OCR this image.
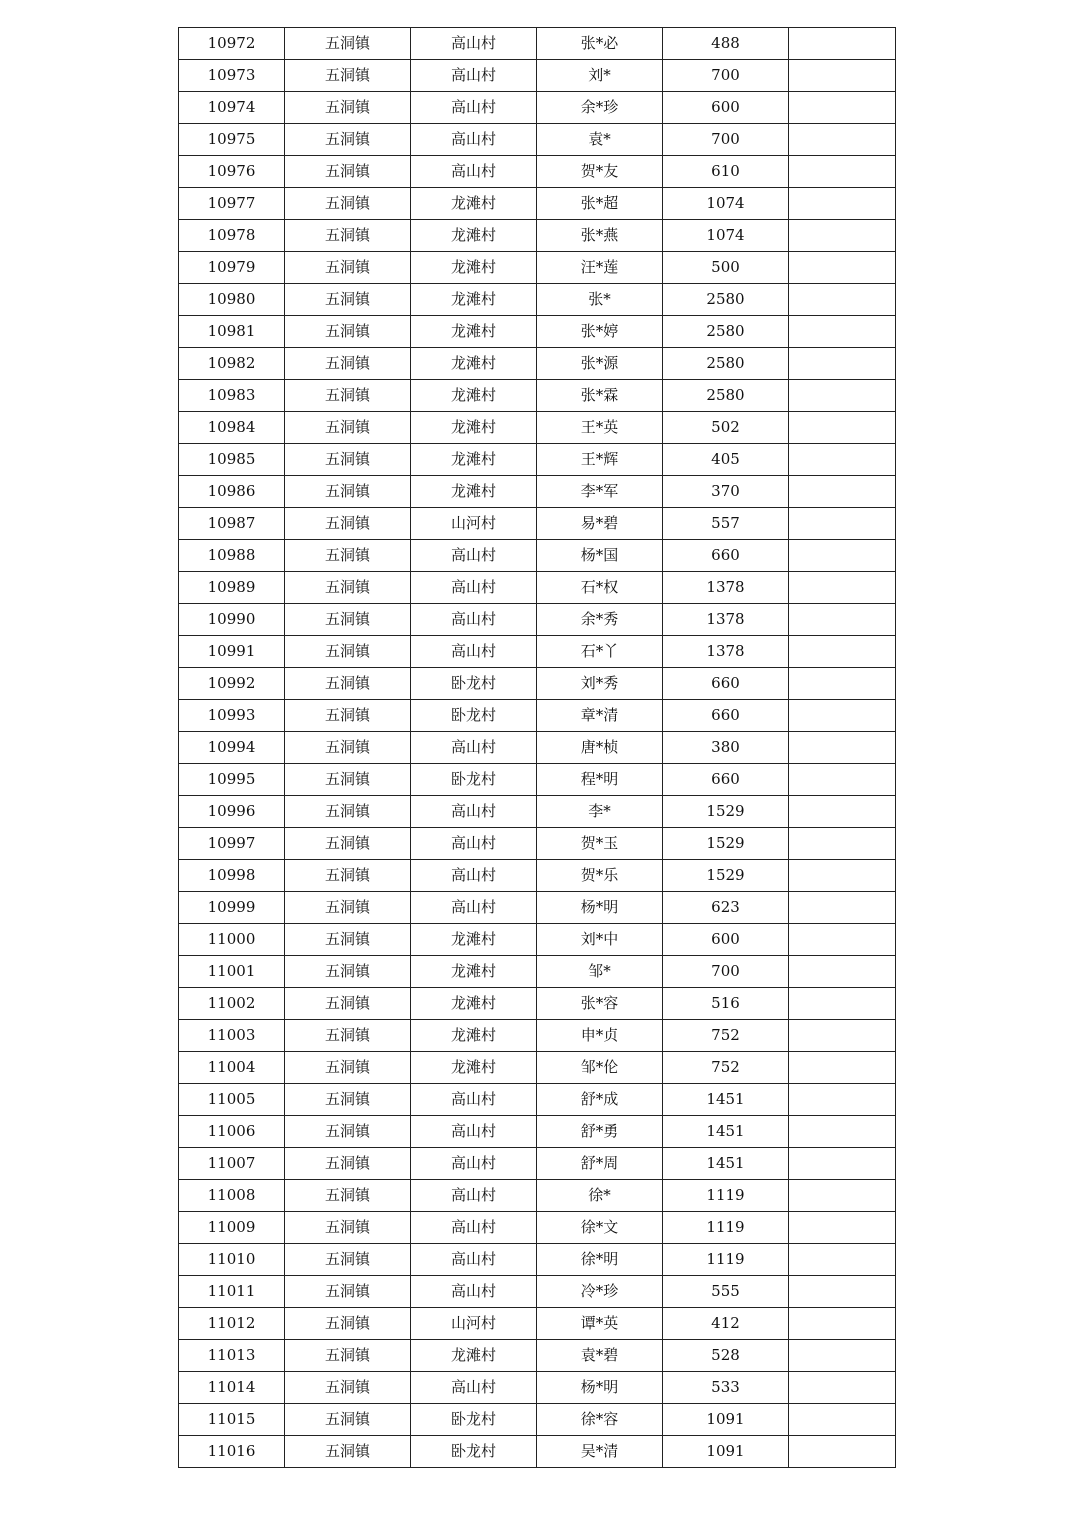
10972	五洞镇	高山村	张*必	488	
10973	五洞镇	高山村	刘*	700	
10974	五洞镇	高山村	余*珍	600	
10975	五洞镇	高山村	袁*	700	
10976	五洞镇	高山村	贺*友	610	
10977	五洞镇	龙滩村	张*超	1074	
10978	五洞镇	龙滩村	张*燕	1074	
10979	五洞镇	龙滩村	汪*莲	500	
10980	五洞镇	龙滩村	张*	2580	
10981	五洞镇	龙滩村	张*婷	2580	
10982	五洞镇	龙滩村	张*源	2580	
10983	五洞镇	龙滩村	张*霖	2580	
10984	五洞镇	龙滩村	王*英	502	
10985	五洞镇	龙滩村	王*辉	405	
10986	五洞镇	龙滩村	李*军	370	
10987	五洞镇	山河村	易*碧	557	
10988	五洞镇	高山村	杨*国	660	
10989	五洞镇	高山村	石*权	1378	
10990	五洞镇	高山村	余*秀	1378	
10991	五洞镇	高山村	石*丫	1378	
10992	五洞镇	卧龙村	刘*秀	660	
10993	五洞镇	卧龙村	章*清	660	
10994	五洞镇	高山村	唐*桢	380	
10995	五洞镇	卧龙村	程*明	660	
10996	五洞镇	高山村	李*	1529	
10997	五洞镇	高山村	贺*玉	1529	
10998	五洞镇	高山村	贺*乐	1529	
10999	五洞镇	高山村	杨*明	623	
11000	五洞镇	龙滩村	刘*中	600	
11001	五洞镇	龙滩村	邹*	700	
11002	五洞镇	龙滩村	张*容	516	
11003	五洞镇	龙滩村	申*贞	752	
11004	五洞镇	龙滩村	邹*伦	752	
11005	五洞镇	高山村	舒*成	1451	
11006	五洞镇	高山村	舒*勇	1451	
11007	五洞镇	高山村	舒*周	1451	
11008	五洞镇	高山村	徐*	1119	
11009	五洞镇	高山村	徐*文	1119	
11010	五洞镇	高山村	徐*明	1119	
11011	五洞镇	高山村	冷*珍	555	
11012	五洞镇	山河村	谭*英	412	
11013	五洞镇	龙滩村	袁*碧	528	
11014	五洞镇	高山村	杨*明	533	
11015	五洞镇	卧龙村	徐*容	1091	
11016	五洞镇	卧龙村	吴*清	1091	
